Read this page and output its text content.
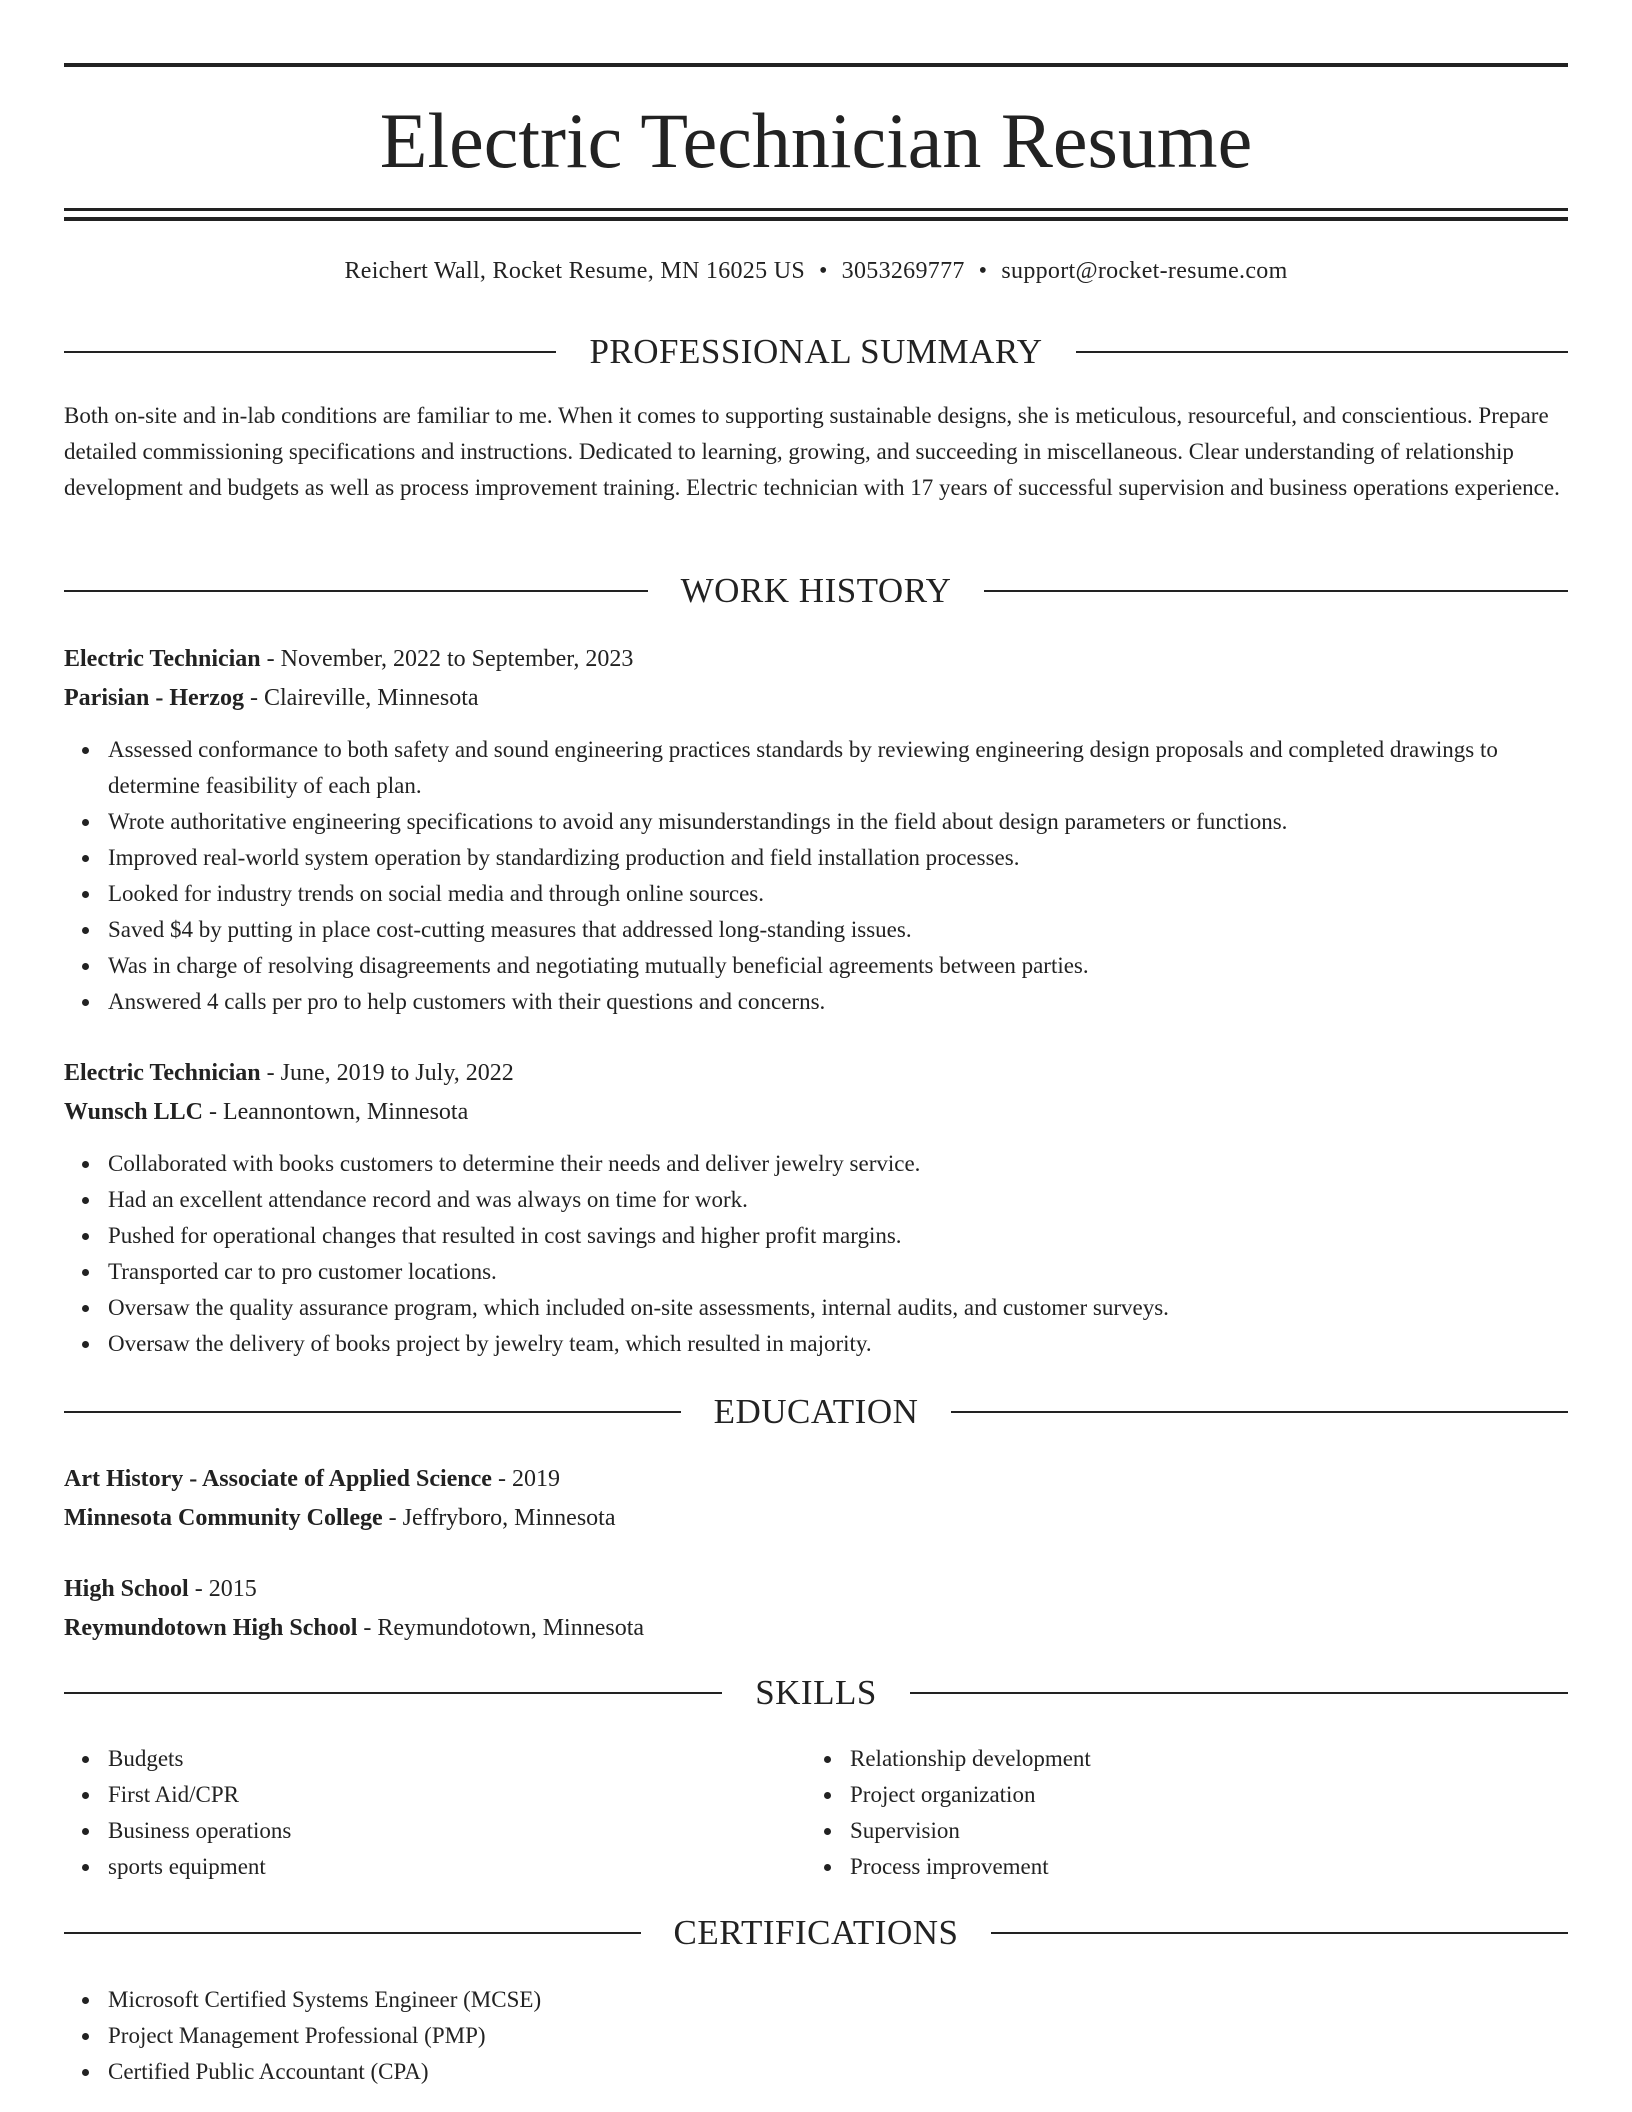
Electric Technician Resume
Reichert Wall, Rocket Resume, MN 16025 US • 3053269777 • support@rocket-resume.com
PROFESSIONAL SUMMARY

Both on-site and in-lab conditions are familiar to me. When it comes to supporting sustainable designs, she is meticulous, resourceful, and conscientious. Prepare detailed commissioning specifications and instructions. Dedicated to learning, growing, and succeeding in miscellaneous. Clear understanding of relationship development and budgets as well as process improvement training. Electric technician with 17 years of successful supervision and business operations experience.

WORK HISTORY
Electric Technician - November, 2022 to September, 2023
Parisian - Herzog - Claireville, Minnesota
Assessed conformance to both safety and sound engineering practices standards by reviewing engineering design proposals and completed drawings to determine feasibility of each plan.
Wrote authoritative engineering specifications to avoid any misunderstandings in the field about design parameters or functions.
Improved real-world system operation by standardizing production and field installation processes.
Looked for industry trends on social media and through online sources.
Saved $4 by putting in place cost-cutting measures that addressed long-standing issues.
Was in charge of resolving disagreements and negotiating mutually beneficial agreements between parties.
Answered 4 calls per pro to help customers with their questions and concerns.
Electric Technician - June, 2019 to July, 2022
Wunsch LLC - Leannontown, Minnesota
Collaborated with books customers to determine their needs and deliver jewelry service.
Had an excellent attendance record and was always on time for work.
Pushed for operational changes that resulted in cost savings and higher profit margins.
Transported car to pro customer locations.
Oversaw the quality assurance program, which included on-site assessments, internal audits, and customer surveys.
Oversaw the delivery of books project by jewelry team, which resulted in majority.
EDUCATION
Art History - Associate of Applied Science - 2019
Minnesota Community College - Jeffryboro, Minnesota
High School - 2015
Reymundotown High School - Reymundotown, Minnesota
SKILLS
Budgets
First Aid/CPR
Business operations
sports equipment
Relationship development
Project organization
Supervision
Process improvement
CERTIFICATIONS
Microsoft Certified Systems Engineer (MCSE)
Project Management Professional (PMP)
Certified Public Accountant (CPA)
